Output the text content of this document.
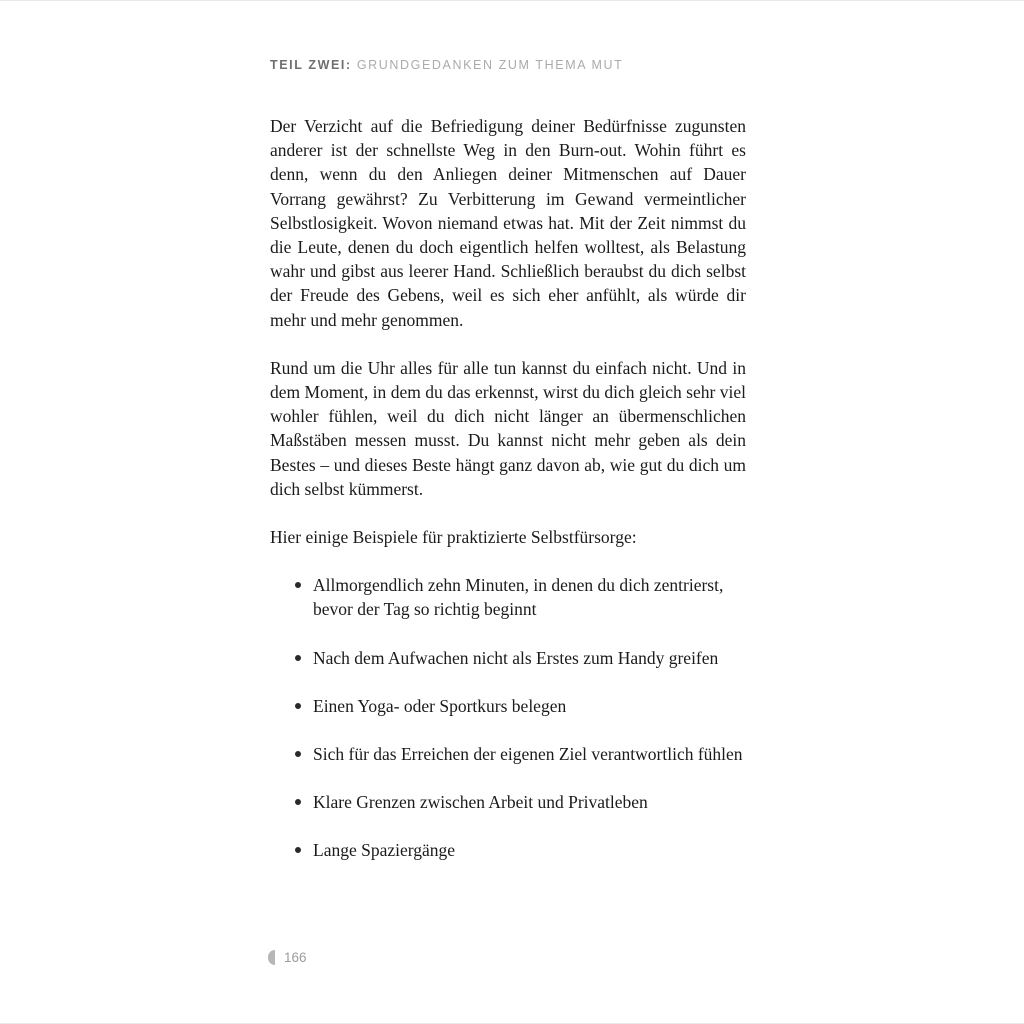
TEIL ZWEI: GRUNDGEDANKEN ZUM THEMA MUT

Der Verzicht auf die Befriedigung deiner Bedürfnisse zugunsten anderer ist der schnellste Weg in den Burn-out. Wohin führt es denn, wenn du den Anliegen deiner Mitmenschen auf Dauer Vorrang gewährst? Zu Verbitterung im Gewand vermeintlicher Selbstlosigkeit. Wovon niemand etwas hat. Mit der Zeit nimmst du die Leute, denen du doch eigentlich helfen wolltest, als Belastung wahr und gibst aus leerer Hand. Schließlich beraubst du dich selbst der Freude des Gebens, weil es sich eher anfühlt, als würde dir mehr und mehr genommen.

Rund um die Uhr alles für alle tun kannst du einfach nicht. Und in dem Moment, in dem du das erkennst, wirst du dich gleich sehr viel wohler fühlen, weil du dich nicht länger an übermenschlichen Maßstäben messen musst. Du kannst nicht mehr geben als dein Bestes – und dieses Beste hängt ganz davon ab, wie gut du dich um dich selbst kümmerst.

Hier einige Beispiele für praktizierte Selbstfürsorge:

Allmorgendlich zehn Minuten, in denen du dich zentrierst, bevor der Tag so richtig beginnt
Nach dem Aufwachen nicht als Erstes zum Handy greifen
Einen Yoga- oder Sportkurs belegen
Sich für das Erreichen der eigenen Ziel verantwortlich fühlen
Klare Grenzen zwischen Arbeit und Privatleben
Lange Spaziergänge
166
